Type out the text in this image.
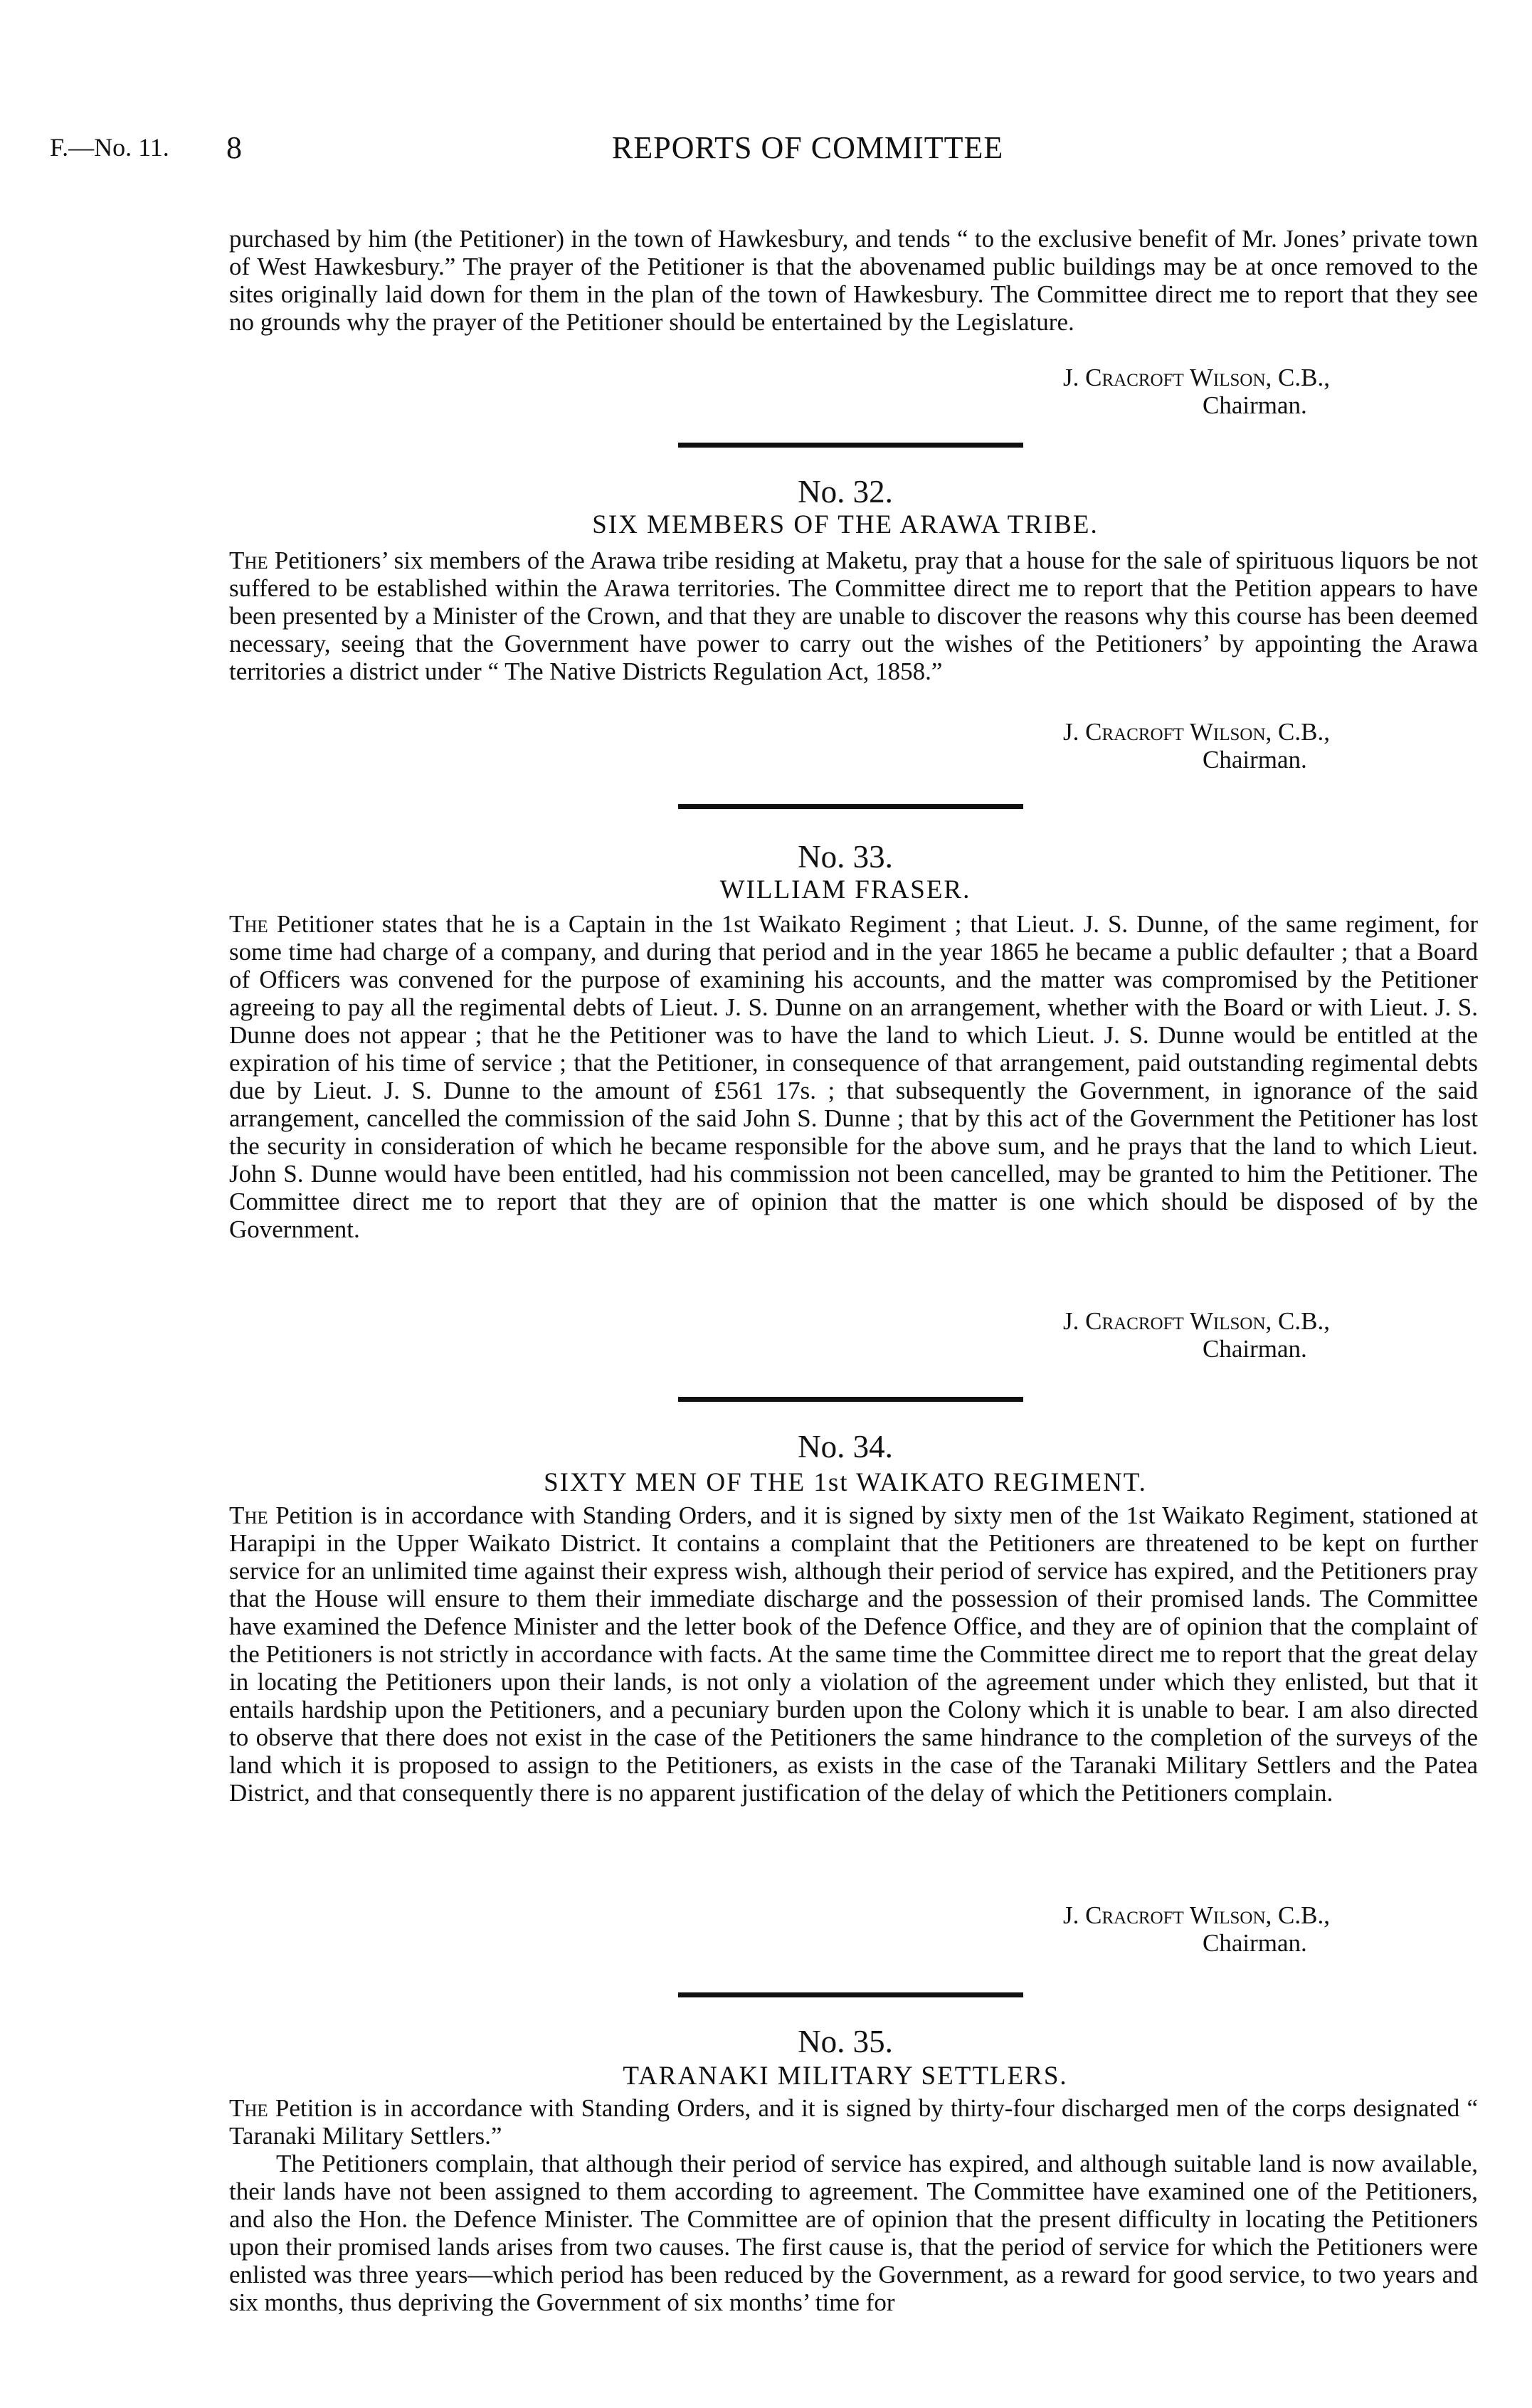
F.—No. 11. 8	REPORTS OF COMMITTEE

purchased by him (the Petitioner) in the town of Hawkesbury, and tends “ to the exclusive benefit of Mr. Jones’ private town of West Hawkesbury.” The prayer of the Petitioner is that the abovenamed public buildings may be at once removed to the sites originally laid down for them in the plan of the town of Hawkesbury. The Committee direct me to report that they see no grounds why the prayer of the Petitioner should be entertained by the Legislature.

J. Cracroft Wilson, C.B.,
Chairman.
No. 32.
SIX MEMBERS OF THE ARAWA TRIBE.

The Petitioners’ six members of the Arawa tribe residing at Maketu, pray that a house for the sale of spirituous liquors be not suffered to be established within the Arawa territories. The Committee direct me to report that the Petition appears to have been presented by a Minister of the Crown, and that they are unable to discover the reasons why this course has been deemed necessary, seeing that the Government have power to carry out the wishes of the Petitioners’ by appointing the Arawa territories a district under “ The Native Districts Regulation Act, 1858.”

J. Cracroft Wilson, C.B.,
Chairman.
No. 33.
WILLIAM FRASER.

The Petitioner states that he is a Captain in the 1st Waikato Regiment ; that Lieut. J. S. Dunne, of the same regiment, for some time had charge of a company, and during that period and in the year 1865 he became a public defaulter ; that a Board of Officers was convened for the purpose of examining his accounts, and the matter was compromised by the Petitioner agreeing to pay all the regimental debts of Lieut. J. S. Dunne on an arrangement, whether with the Board or with Lieut. J. S. Dunne does not appear ; that he the Petitioner was to have the land to which Lieut. J. S. Dunne would be entitled at the expiration of his time of service ; that the Petitioner, in consequence of that arrangement, paid outstanding regimental debts due by Lieut. J. S. Dunne to the amount of £561 17s. ; that subsequently the Government, in ignorance of the said arrangement, cancelled the commission of the said John S. Dunne ; that by this act of the Government the Petitioner has lost the security in consideration of which he became responsible for the above sum, and he prays that the land to which Lieut. John S. Dunne would have been entitled, had his commission not been cancelled, may be granted to him the Petitioner. The Committee direct me to report that they are of opinion that the matter is one which should be disposed of by the Government.

J. Cracroft Wilson, C.B.,
Chairman.
No. 34.
SIXTY MEN OF THE 1st WAIKATO REGIMENT.

The Petition is in accordance with Standing Orders, and it is signed by sixty men of the 1st Waikato Regiment, stationed at Harapipi in the Upper Waikato District. It contains a complaint that the Petitioners are threatened to be kept on further service for an unlimited time against their express wish, although their period of service has expired, and the Petitioners pray that the House will ensure to them their immediate discharge and the possession of their promised lands. The Committee have examined the Defence Minister and the letter book of the Defence Office, and they are of opinion that the complaint of the Petitioners is not strictly in accordance with facts. At the same time the Committee direct me to report that the great delay in locating the Petitioners upon their lands, is not only a violation of the agreement under which they enlisted, but that it entails hardship upon the Petitioners, and a pecuniary burden upon the Colony which it is unable to bear. I am also directed to observe that there does not exist in the case of the Petitioners the same hindrance to the completion of the surveys of the land which it is proposed to assign to the Petitioners, as exists in the case of the Taranaki Military Settlers and the Patea District, and that consequently there is no apparent justification of the delay of which the Petitioners complain.

J. Cracroft Wilson, C.B.,
Chairman.
No. 35.
TARANAKI MILITARY SETTLERS.

The Petition is in accordance with Standing Orders, and it is signed by thirty-four discharged men of the corps designated “ Taranaki Military Settlers.”

The Petitioners complain, that although their period of service has expired, and although suitable land is now available, their lands have not been assigned to them according to agreement. The Committee have examined one of the Petitioners, and also the Hon. the Defence Minister. The Committee are of opinion that the present difficulty in locating the Petitioners upon their promised lands arises from two causes. The first cause is, that the period of service for which the Petitioners were enlisted was three years—which period has been reduced by the Government, as a reward for good service, to two years and six months, thus depriving the Government of six months’ time for
